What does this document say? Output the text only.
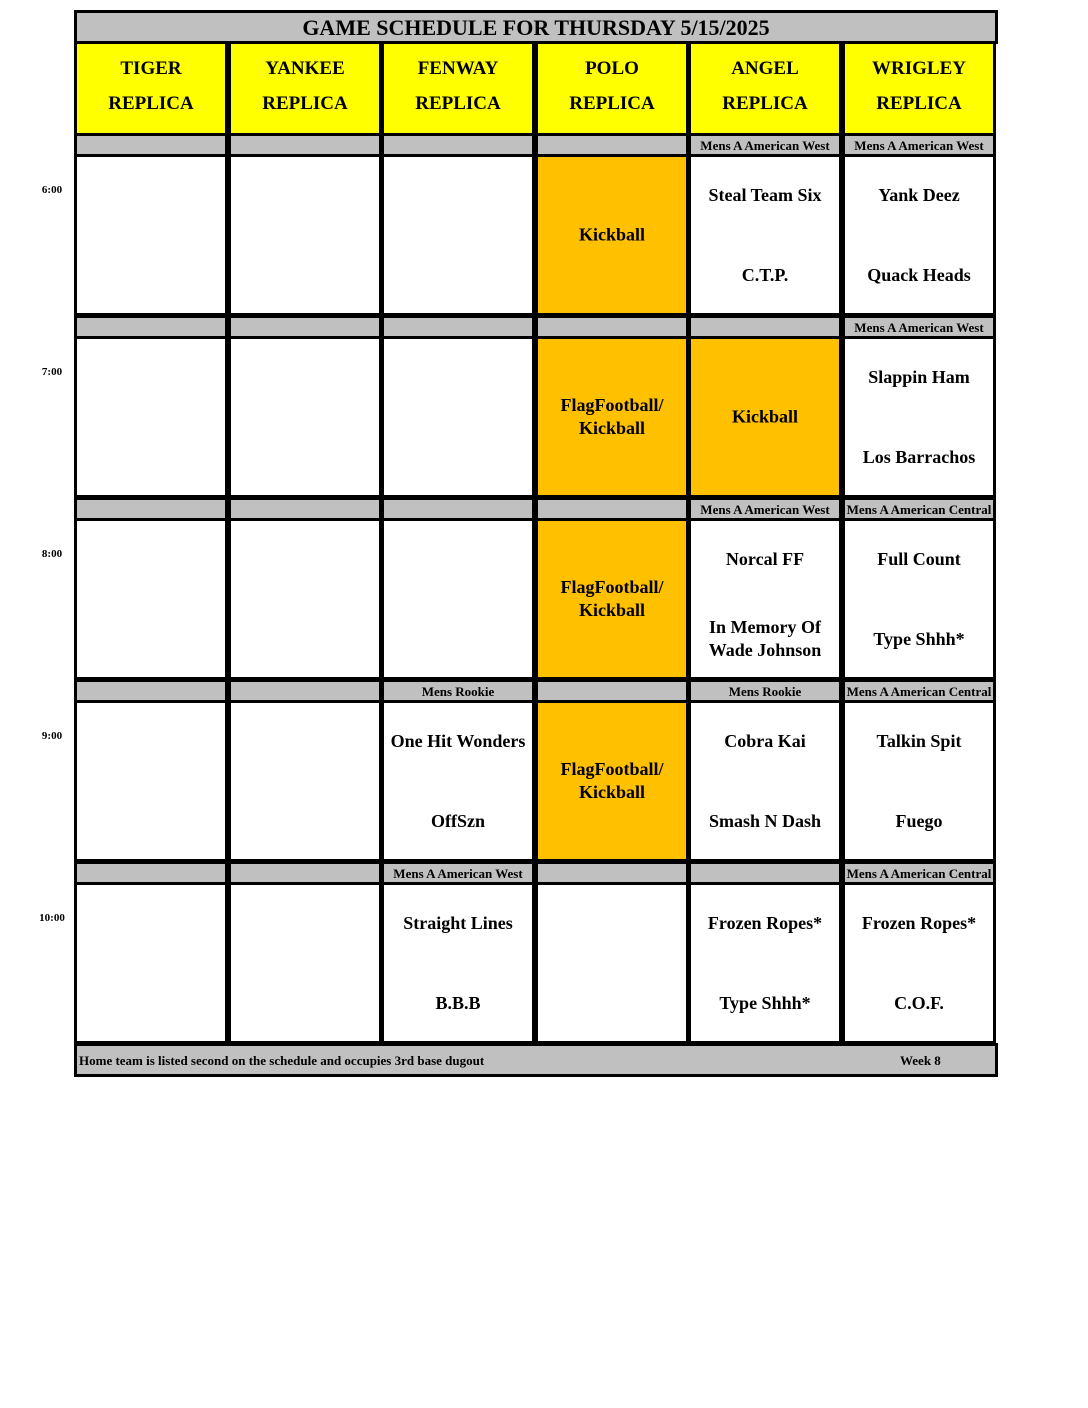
GAME SCHEDULE FOR THURSDAY 5/15/2025
TIGER
REPLICA
YANKEE
REPLICA
FENWAY
REPLICA
POLO
REPLICA
ANGEL
REPLICA
WRIGLEY
REPLICA
Kickball
Mens A American West
Steal Team Six
C.T.P.
Mens A American West
Yank Deez
Quack Heads
FlagFootball/ Kickball
Kickball
Mens A American West
Slappin Ham
Los Barrachos
FlagFootball/ Kickball
Mens A American West
Norcal FF
In Memory Of Wade Johnson
Mens A American Central
Full Count
Type Shhh*
Mens Rookie
One Hit Wonders
OffSzn
FlagFootball/ Kickball
Mens Rookie
Cobra Kai
Smash N Dash
Mens A American Central
Talkin Spit
Fuego
Mens A American West
Straight Lines
B.B.B
Frozen Ropes*
Type Shhh*
Mens A American Central
Frozen Ropes*
C.O.F.
Home team is listed second on the schedule and occupies 3rd base dugout	Week 8
6:00
7:00
8:00
9:00
10:00
